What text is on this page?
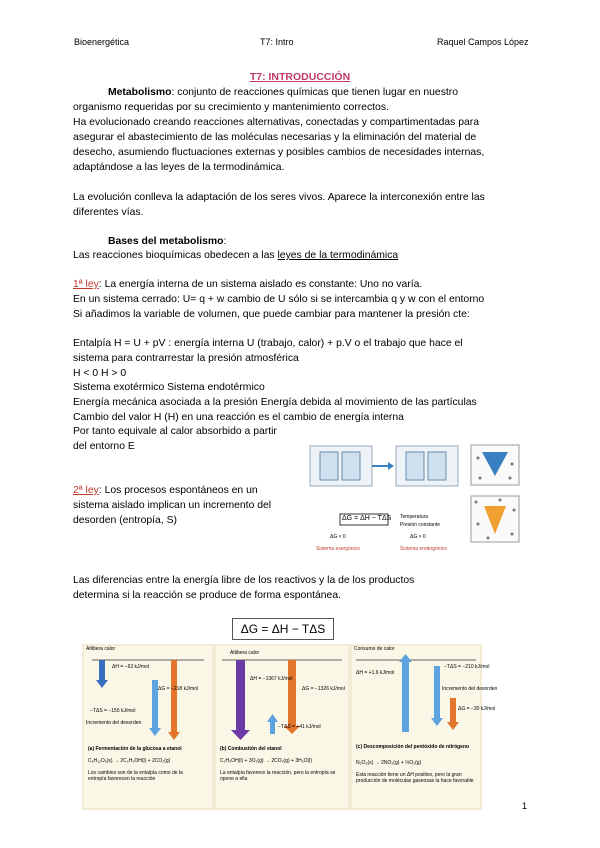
Bioenergética	T7: Intro	Raquel Campos López
T7: INTRODUCCIÓN
Metabolismo: conjunto de reacciones químicas que tienen lugar en nuestro
organismo requeridas por su crecimiento y mantenimiento correctos.
Ha evolucionado creando reacciones alternativas, conectadas y compartimentadas para
asegurar el abastecimiento de las moléculas necesarias y la eliminación del material de
desecho, asumiendo fluctuaciones externas y posibles cambios de necesidades internas,
adaptándose a las leyes de la termodinámica.
La evolución conlleva la adaptación de los seres vivos. Aparece la interconexión entre las
diferentes vías.
Bases del metabolismo:
Las reacciones bioquímicas obedecen a las leyes de la termodinámica
1ª ley: La energía interna de un sistema aislado es constante: Uno no varía.
En un sistema cerrado: U= q + w cambio de U sólo si se intercambia q y w con el entorno
Si añadimos la variable de volumen, que puede cambiar para mantener la presión cte:
Entalpía H = U + pV : energía interna U (trabajo, calor) + p.V o el trabajo que hace el
sistema para contrarrestar la presión atmosférica
H < 0 H > 0
Sistema exotérmico Sistema endotérmico
Energía mecánica asociada a la presión Energía debida al movimiento de las partículas
Cambio del valor H (H) en una reacción es el cambio de energía interna
Por tanto equivale al calor absorbido a partir
del entorno E
2ª ley: Los procesos espontáneos en un
sistema aislado implican un incremento del
desorden (entropía, S)	ΔG = ΔH − TΔS Temperatura
Presión constante
ΔG < 0	ΔG > 0
Sistema exergónico	Sistema endergónico
Las diferencias entre la energía libre de los reactivos y la de los productos
determina si la reacción se produce de forma espontánea.
ΔG = ΔH − TΔS
Altibera calor
ΔH = −63 kJ/mol
ΔG = −218 kJ/mol
−TΔS = −155 kJ/mol
Incremento del desorden
(a) Fermentación de la glucosa a etanol
C₆H₁₂O₆(s) → 2C₂H₅OH(l) + 2CO₂(g)
Los cambios son de la entalpía como de la entropía favorecen la reacción
Altibera calor
ΔH = −1367 kJ/mol
ΔG = −1326 kJ/mol
−TΔS = +41 kJ/mol
(b) Combustión del etanol
C₂H₅OH(l) + 3O₂(g) → 2CO₂(g) + 3H₂O(l)
La entalpía favorece la reacción, pero la entropía se opone a ella
Consumo de calor
ΔH = +1.6 kJ/mol
−TΔS = −210 kJ/mol
Incremento del desorden
ΔG = −30 kJ/mol
(c) Descomposición del pentóxido de nitrógeno
N₂O₅(s) → 2NO₂(g) + ½O₂(g)
Esta reacción tiene un ΔH positivo, pero la gran producción de moléculas gaseosas la hace favorable
1
